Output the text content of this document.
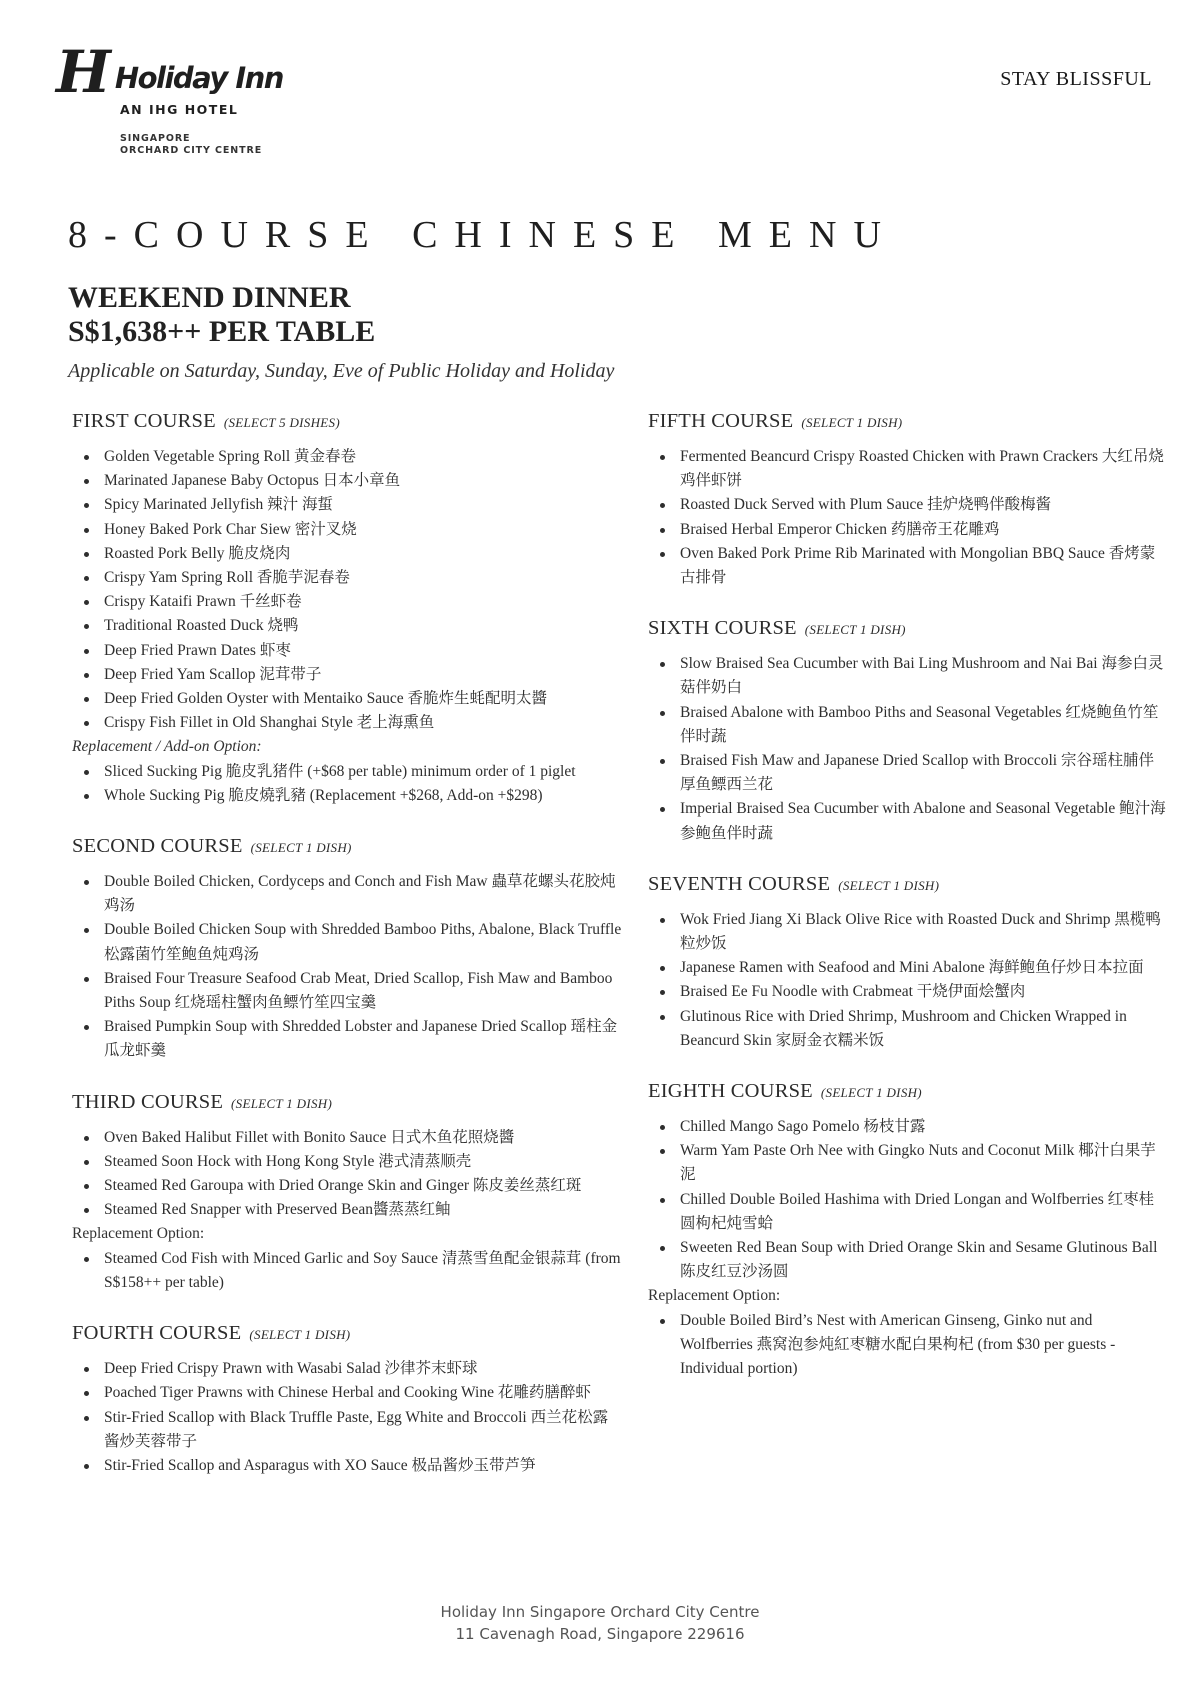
H Holiday Inn
AN IHG HOTEL
SINGAPORE
ORCHARD CITY CENTRE
STAY BLISSFUL
8-COURSE CHINESE MENU
WEEKEND DINNER
S$1,638++ PER TABLE
Applicable on Saturday, Sunday, Eve of Public Holiday and Holiday
FIRST COURSE (SELECT 5 DISHES)
Golden Vegetable Spring Roll 黄金春卷
Marinated Japanese Baby Octopus 日本小章鱼
Spicy Marinated Jellyfish 辣汁 海蜇
Honey Baked Pork Char Siew 密汁叉烧
Roasted Pork Belly 脆皮烧肉
Crispy Yam Spring Roll 香脆芋泥春卷
Crispy Kataifi Prawn 千丝虾卷
Traditional Roasted Duck 烧鸭
Deep Fried Prawn Dates 虾枣
Deep Fried Yam Scallop 泥茸带子
Deep Fried Golden Oyster with Mentaiko Sauce 香脆炸生蚝配明太醬
Crispy Fish Fillet in Old Shanghai Style 老上海熏鱼
Replacement / Add-on Option:
Sliced Sucking Pig 脆皮乳猪件 (+$68 per table) minimum order of 1 piglet
Whole Sucking Pig 脆皮燒乳豬 (Replacement +$268, Add-on +$298)
SECOND COURSE (SELECT 1 DISH)
Double Boiled Chicken, Cordyceps and Conch and Fish Maw 蟲草花螺头花胶炖鸡汤
Double Boiled Chicken Soup with Shredded Bamboo Piths, Abalone, Black Truffle 松露菌竹笙鲍鱼炖鸡汤
Braised Four Treasure Seafood Crab Meat, Dried Scallop, Fish Maw and Bamboo Piths Soup 红烧瑶柱蟹肉鱼鳔竹笙四宝羹
Braised Pumpkin Soup with Shredded Lobster and Japanese Dried Scallop 瑶柱金瓜龙虾羹
THIRD COURSE (SELECT 1 DISH)
Oven Baked Halibut Fillet with Bonito Sauce 日式木鱼花照烧醬
Steamed Soon Hock with Hong Kong Style 港式清蒸顺壳
Steamed Red Garoupa with Dried Orange Skin and Ginger 陈皮姜丝蒸红斑
Steamed Red Snapper with Preserved Bean醬蒸蒸红鲉
Replacement Option:
Steamed Cod Fish with Minced Garlic and Soy Sauce 清蒸雪鱼配金银蒜茸 (from S$158++ per table)
FOURTH COURSE (SELECT 1 DISH)
Deep Fried Crispy Prawn with Wasabi Salad 沙律芥末虾球
Poached Tiger Prawns with Chinese Herbal and Cooking Wine 花雕药膳醉虾
Stir-Fried Scallop with Black Truffle Paste, Egg White and Broccoli 西兰花松露酱炒芙蓉带子
Stir-Fried Scallop and Asparagus with XO Sauce 极品酱炒玉带芦笋
FIFTH COURSE (SELECT 1 DISH)
Fermented Beancurd Crispy Roasted Chicken with Prawn Crackers 大红吊烧鸡伴虾饼
Roasted Duck Served with Plum Sauce 挂炉烧鸭伴酸梅酱
Braised Herbal Emperor Chicken 药膳帝王花雕鸡
Oven Baked Pork Prime Rib Marinated with Mongolian BBQ Sauce 香烤蒙古排骨
SIXTH COURSE (SELECT 1 DISH)
Slow Braised Sea Cucumber with Bai Ling Mushroom and Nai Bai 海参白灵菇伴奶白
Braised Abalone with Bamboo Piths and Seasonal Vegetables 红烧鲍鱼竹笙伴时蔬
Braised Fish Maw and Japanese Dried Scallop with Broccoli 宗谷瑶柱脯伴厚鱼鳔西兰花
Imperial Braised Sea Cucumber with Abalone and Seasonal Vegetable 鲍汁海参鲍鱼伴时蔬
SEVENTH COURSE (SELECT 1 DISH)
Wok Fried Jiang Xi Black Olive Rice with Roasted Duck and Shrimp 黑榄鸭粒炒饭
Japanese Ramen with Seafood and Mini Abalone 海鲜鲍鱼仔炒日本拉面
Braised Ee Fu Noodle with Crabmeat 干烧伊面烩蟹肉
Glutinous Rice with Dried Shrimp, Mushroom and Chicken Wrapped in Beancurd Skin 家厨金衣糯米饭
EIGHTH COURSE (SELECT 1 DISH)
Chilled Mango Sago Pomelo 杨枝甘露
Warm Yam Paste Orh Nee with Gingko Nuts and Coconut Milk 椰汁白果芋泥
Chilled Double Boiled Hashima with Dried Longan and Wolfberries 红枣桂圆枸杞炖雪蛤
Sweeten Red Bean Soup with Dried Orange Skin and Sesame Glutinous Ball 陈皮红豆沙汤圆
Replacement Option:
Double Boiled Bird’s Nest with American Ginseng, Ginko nut and Wolfberries 燕窝泡参炖紅枣糖水配白果枸杞 (from $30 per guests - Individual portion)
Holiday Inn Singapore Orchard City Centre
11 Cavenagh Road, Singapore 229616
